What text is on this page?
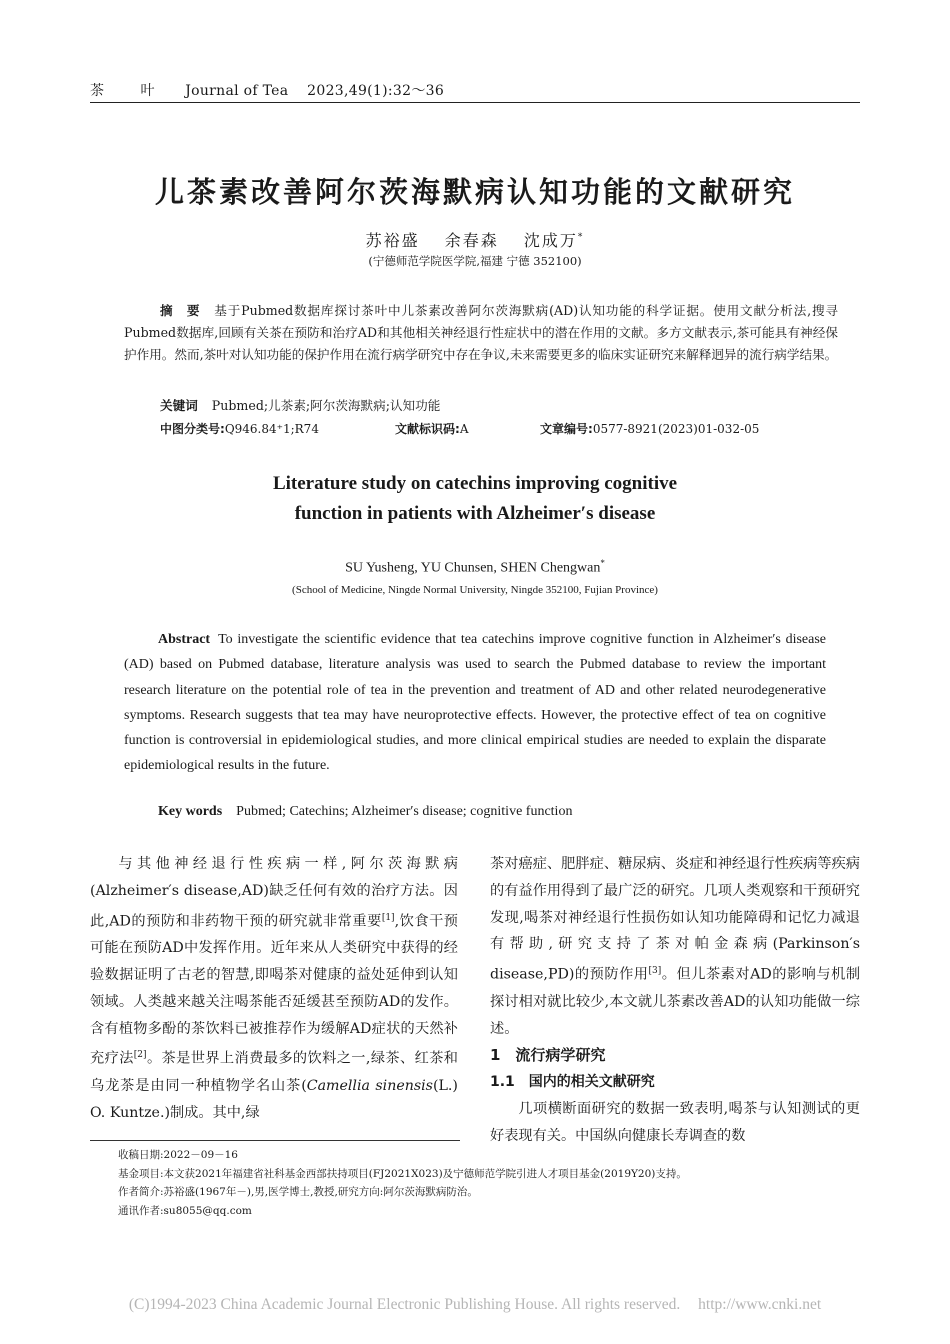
茶 叶 Journal of Tea 2023,49(1):32～36
儿茶素改善阿尔茨海默病认知功能的文献研究
苏裕盛 余春森 沈成万*
(宁德师范学院医学院,福建 宁德 352100)
摘　要 基于Pubmed数据库探讨茶叶中儿茶素改善阿尔茨海默病(AD)认知功能的科学证据。使用文献分析法,搜寻Pubmed数据库,回顾有关茶在预防和治疗AD和其他相关神经退行性症状中的潜在作用的文献。多方文献表示,茶可能具有神经保护作用。然而,茶叶对认知功能的保护作用在流行病学研究中存在争议,未来需要更多的临床实证研究来解释迥异的流行病学结果。
关键词 Pubmed;儿茶素;阿尔茨海默病;认知功能
中图分类号:Q946.84⁺1;R74	文献标识码:A	文章编号:0577-8921(2023)01-032-05
Literature study on catechins improving cognitive
function in patients with Alzheimer′s disease
SU Yusheng, YU Chunsen, SHEN Chengwan*
(School of Medicine, Ningde Normal University, Ningde 352100, Fujian Province)
Abstract To investigate the scientific evidence that tea catechins improve cognitive function in Alzheimer′s disease (AD) based on Pubmed database, literature analysis was used to search the Pubmed database to review the important research literature on the potential role of tea in the prevention and treatment of AD and other related neurodegenerative symptoms. Research suggests that tea may have neuroprotective effects. However, the protective effect of tea on cognitive function is controversial in epidemiological studies, and more clinical empirical studies are needed to explain the disparate epidemiological results in the future.
Key words Pubmed; Catechins; Alzheimer′s disease; cognitive function

与其他神经退行性疾病一样,阿尔茨海默病(Alzheimer′s disease,AD)缺乏任何有效的治疗方法。因此,AD的预防和非药物干预的研究就非常重要[1],饮食干预可能在预防AD中发挥作用。近年来从人类研究中获得的经验数据证明了古老的智慧,即喝茶对健康的益处延伸到认知领域。人类越来越关注喝茶能否延缓甚至预防AD的发作。含有植物多酚的茶饮料已被推荐作为缓解AD症状的天然补充疗法[2]。茶是世界上消费最多的饮料之一,绿茶、红茶和乌龙茶是由同一种植物学名山茶(Camellia sinensis(L.) O. Kuntze.)制成。其中,绿

茶对癌症、肥胖症、糖尿病、炎症和神经退行性疾病等疾病的有益作用得到了最广泛的研究。几项人类观察和干预研究发现,喝茶对神经退行性损伤如认知功能障碍和记忆力减退有帮助,研究支持了茶对帕金森病(Parkinson′s disease,PD)的预防作用[3]。但儿茶素对AD的影响与机制探讨相对就比较少,本文就儿茶素改善AD的认知功能做一综述。

1　流行病学研究

1.1　国内的相关文献研究

几项横断面研究的数据一致表明,喝茶与认知测试的更好表现有关。中国纵向健康长寿调查的数

收稿日期:2022－09－16
基金项目:本文获2021年福建省社科基金西部扶持项目(FJ2021X023)及宁德师范学院引进人才项目基金(2019Y20)支持。
作者简介:苏裕盛(1967年－),男,医学博士,教授,研究方向:阿尔茨海默病防治。
通讯作者:su8055@qq.com
(C)1994-2023 China Academic Journal Electronic Publishing House. All rights reserved. http://www.cnki.net
